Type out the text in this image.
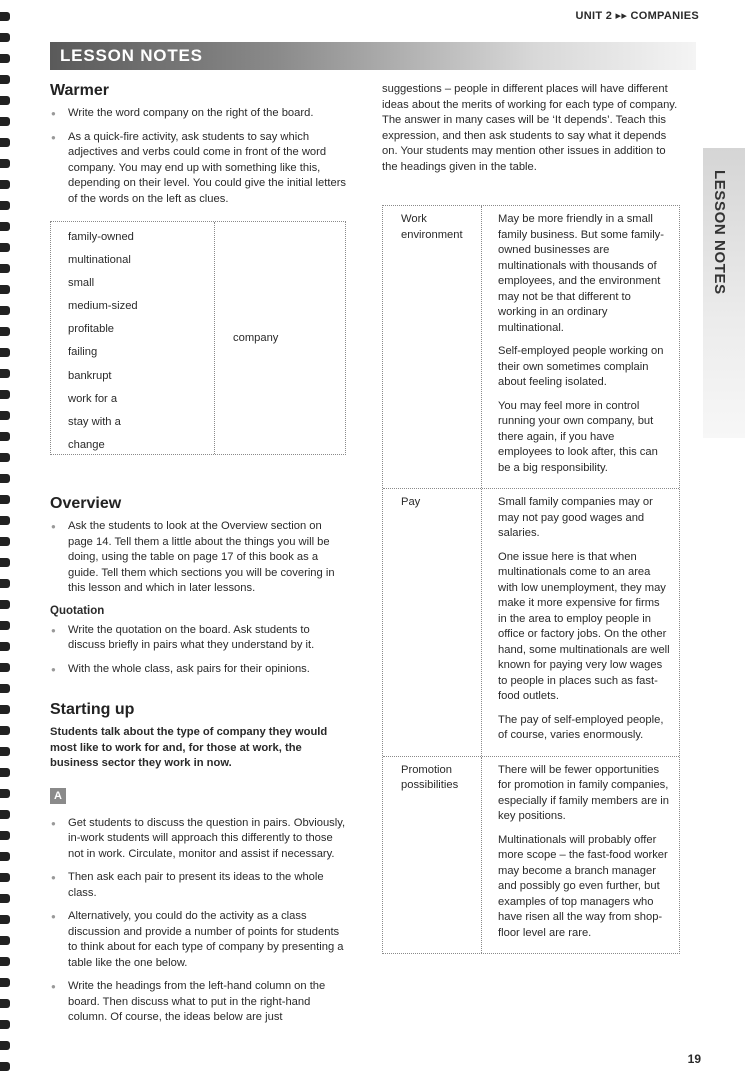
UNIT 2 ▸▸ COMPANIES
LESSON NOTES
LESSON NOTES
Warmer
● Write the word company on the right of the board.
● As a quick-fire activity, ask students to say which adjectives and verbs could come in front of the word company. You may end up with something like this, depending on their level. You could give the initial letters of the words on the left as clues.
family-owned
multinational
small
medium-sized
profitable
failing
bankrupt
work for a
stay with a
change
company
Overview
● Ask the students to look at the Overview section on page 14. Tell them a little about the things you will be doing, using the table on page 17 of this book as a guide. Tell them which sections you will be covering in this lesson and which in later lessons.
Quotation
● Write the quotation on the board. Ask students to discuss briefly in pairs what they understand by it.
● With the whole class, ask pairs for their opinions.
Starting up
Students talk about the type of company they would most like to work for and, for those at work, the business sector they work in now.
A
● Get students to discuss the question in pairs. Obviously, in-work students will approach this differently to those not in work. Circulate, monitor and assist if necessary.
● Then ask each pair to present its ideas to the whole class.
● Alternatively, you could do the activity as a class discussion and provide a number of points for students to think about for each type of company by presenting a table like the one below.
● Write the headings from the left-hand column on the board. Then discuss what to put in the right-hand column. Of course, the ideas below are just

suggestions – people in different places will have different ideas about the merits of working for each type of company. The answer in many cases will be ‘It depends’. Teach this expression, and then ask students to say what it depends on. Your students may mention other issues in addition to the headings given in the table.

Work environment

May be more friendly in a small family business. But some family-owned businesses are multinationals with thousands of employees, and the environment may not be that different to working in an ordinary multinational.

Self-employed people working on their own sometimes complain about feeling isolated.

You may feel more in control running your own company, but there again, if you have employees to look after, this can be a big responsibility.

Pay	Small family companies may or may not pay good wages and salaries.

One issue here is that when multinationals come to an area with low unemployment, they may make it more expensive for firms in the area to employ people in office or factory jobs. On the other hand, some multinationals are well known for paying very low wages to people in places such as fast-food outlets.

The pay of self-employed people, of course, varies enormously.

Promotion possibilities

There will be fewer opportunities for promotion in family companies, especially if family members are in key positions.

Multinationals will probably offer more scope – the fast-food worker may become a branch manager and possibly go even further, but examples of top managers who have risen all the way from shop-floor level are rare.

19
